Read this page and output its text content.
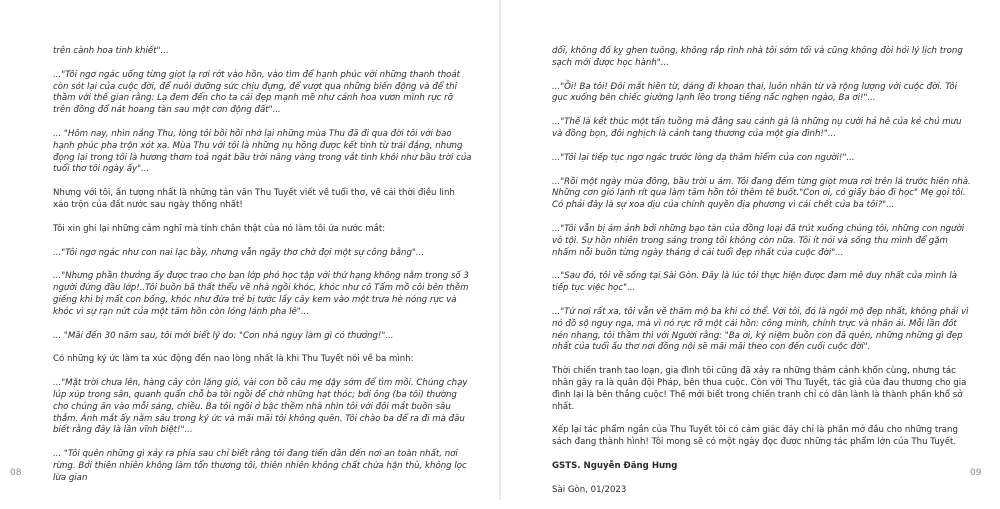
trên cành hoa tinh khiết"...

..."Tôi ngơ ngác uống từng giọt lạ rơi rớt vào hồn, vào tìm để hạnh phúc với những thanh thoát còn sót lại của cuộc đời, để nuôi dưỡng sức chịu đựng, để vượt qua những biến động và để thi thầm với thế gian rằng: Lạ đem đến cho ta cái đẹp mạnh mẽ như cánh hoa vươn mình rực rỡ trên đồng đổ nát hoang tàn sau một cơn động đất"...

... "Hôm nay, nhìn nắng Thu, lòng tôi bồi hồi nhớ lại những mùa Thu đã đi qua đời tôi với bao hạnh phúc pha trộn xót xa. Mùa Thu với tôi là những nụ hồng được kết tinh từ trái đắng, nhưng đọng lại trong tôi là hương thơm toả ngát bầu trời nâng vàng trong vắt tinh khôi như bầu trời của tuổi thơ tôi ngày ấy"...

Nhưng với tôi, ấn tượng nhất là những tản văn Thu Tuyết viết về tuổi thơ, về cái thời điều linh xáo trộn của đất nước sau ngày thống nhất!

Tôi xin ghi lại những cảm nghĩ mà tính chân thật của nó làm tôi ứa nước mắt:

..."Tôi ngơ ngác như con nai lạc bầy, nhưng vẫn ngây thơ chờ đợi một sự công bằng"...

..."Nhưng phần thưởng ấy được trao cho bạn lớp phó học tập với thứ hạng không nằm trong số 3 người đứng đầu lớp!..Tôi buồn bã thất thểu về nhà ngồi khóc, khóc như cô Tấm mồ côi bên thềm giếng khi bị mất con bống, khóc như đứa trẻ bị tước lấy cây kem vào một trưa hè nóng rực và khóc vì sự rạn nứt của một tâm hồn còn lóng lánh pha lê"...

... "Mãi đến 30 năm sau, tôi mới biết lý do: "Con nhà ngụy làm gì có thưởng!"...

Có những ký ức làm ta xúc động đến nao lòng nhất là khi Thu Tuyết nói về ba mình:

..."Mặt trời chưa lên, hàng cây còn lặng gió, vài con bồ câu mẹ dậy sớm để tìm mồi. Chúng chạy lúp xúp trong sân, quanh quẩn chỗ ba tôi ngồi để chờ những hạt thóc; bởi ông (ba tôi) thường cho chúng ăn vào mỗi sáng, chiều. Ba tôi ngồi ở bậc thềm nhà nhìn tôi với đôi mắt buồn sâu thẳm. Ánh mắt ấy nằm sâu trong ký ức và mãi mãi tôi không quên. Tôi chào ba để ra đi mà đâu biết rằng đây là lần vĩnh biệt!"...

... "Tôi quên những gì xảy ra phía sau chỉ biết rằng tôi đang tiến dần đến nơi an toàn nhất, nơi rừng. Bởi thiên nhiên không làm tổn thương tôi, thiên nhiên không chất chứa hận thù, không lọc lừa gian

08

dối, không đố kỵ ghen tuông, không rắp rình nhà tôi sớm tối và cũng không đòi hỏi lý lịch trong sạch mới được học hành"...

..."Ồi! Ba tôi! Đôi mắt hiền từ, dáng đi khoan thai, luôn nhân từ và rộng lượng với cuộc đời. Tôi gục xuống bên chiếc giường lạnh lẽo trong tiếng nấc nghẹn ngào, Ba ơi!"...

..."Thế là kết thúc một tấn tuồng mà đằng sau cánh gà là những nụ cười hả hê của kẻ chủ mưu và đồng bọn, đôi nghịch là cảnh tang thương của một gia đình!"...

..."Tôi lại tiếp tục ngơ ngác trước lòng dạ thâm hiểm của con người!"...

..."Rồi một ngày mùa đông, bầu trời u ám. Tôi đang đếm từng giọt mưa rơi trên lá trước hiên nhà. Những cơn gió lạnh rít qua làm tâm hồn tôi thêm tê buốt."Con ơi, có giấy báo đi học" Mẹ gọi tôi. Có phải đây là sự xoa dịu của chính quyền địa phương vì cái chết của ba tôi?"...

..."Tôi vẫn bị ám ảnh bởi những bạo tàn của đồng loại đã trút xuống chúng tôi, những con người vô tội. Sự hồn nhiên trong sáng trong tôi không còn nữa. Tôi ít nói và sống thu mình để gặm nhấm nỗi buồn từng ngày tháng ở cái tuổi đẹp nhất của cuộc đời"...

..."Sau đó, tôi về sống tại Sài Gòn. Đây là lúc tôi thực hiện được đam mê duy nhất của mình là tiếp tục việc học"...

..."Tứ nơi rất xa, tôi vẫn về thăm mộ ba khi có thể. Với tôi, đó là ngôi mộ đẹp nhất, không phải vì nó đồ sộ nguy nga, mà vì nó rực rỡ một cái hồn: công minh, chính trực và nhân ái. Mỗi lần đốt nén nhang, tôi thầm thì với Người rằng: "Ba ơi, ký niệm buồn con đã quên, những những gì đẹp nhất của tuổi ấu thơ nơi đồng nội sẽ mãi mãi theo con đến cuối cuộc đời".

Thời chiến tranh tao loạn, gia đình tôi cũng đã xảy ra những thảm cảnh khốn cùng, nhưng tác nhân gây ra là quân đội Pháp, bên thua cuộc. Còn với Thu Tuyết, tác giả của đau thương cho gia đình lại là bên thắng cuộc! Thế mới biết trong chiến tranh chỉ có dân lành là thành phần khổ sở nhất.

Xếp lại tác phẩm ngắn của Thu Tuyết tôi có cảm giác đây chỉ là phần mở đầu cho những trang sách đang thành hình! Tôi mong sẽ có một ngày đọc được những tác phẩm lớn của Thu Tuyết.

GSTS. Nguyễn Đăng Hưng

Sài Gòn, 01/2023

09
